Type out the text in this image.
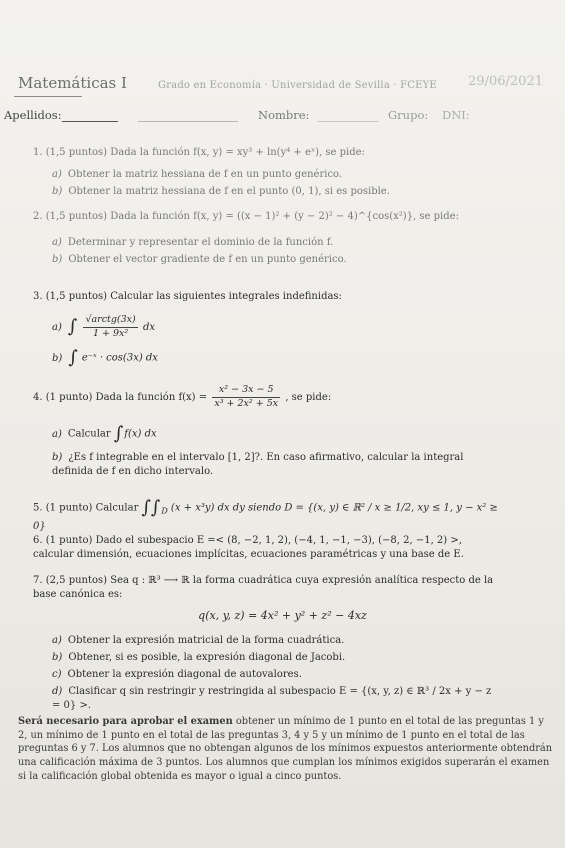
Matemáticas I	Grado en Economía · Universidad de Sevilla · FCEYE 29/06/2021
Apellidos:	Nombre:	Grupo: DNI:
1. (1,5 puntos) Dada la función f(x, y) = xy³ + ln(y⁴ + eˣ), se pide:
a) Obtener la matriz hessiana de f en un punto genérico.
b) Obtener la matriz hessiana de f en el punto (0, 1), si es posible.
2. (1,5 puntos) Dada la función f(x, y) = ((x − 1)² + (y − 2)² − 4)^{cos(x²)}, se pide:
a) Determinar y representar el dominio de la función f.
b) Obtener el vector gradiente de f en un punto genérico.
3. (1,5 puntos) Calcular las siguientes integrales indefinidas:
a) ∫ $\frac{\text{√arctg(3x)}}{\text{1 + 9x²}}$ dx
b) ∫ e⁻ˣ · cos(3x) dx
4. (1 punto) Dada la función $f(x) = \frac{\text{x² − 3x − 5}}{\text{x³ + 2x² + 5x}}$ , se pide:
a) Calcular ∫f(x) dx
b) ¿Es f integrable en el intervalo [1, 2]?. En caso afirmativo, calcular la integral definida de f en dicho intervalo.
5. (1 punto) Calcular $\int\int_D$ (x + x³y) dx dy siendo D = {(x, y) ∈ ℝ² / x ≥ 1/2, xy ≤ 1, y − x² ≥ 0}
6. (1 punto) Dado el subespacio E =< (8, −2, 1, 2), (−4, 1, −1, −3), (−8, 2, −1, 2) >, calcular dimensión, ecuaciones implícitas, ecuaciones paramétricas y una base de E.
7. (2,5 puntos) Sea q : ℝ³ ⟶ ℝ la forma cuadrática cuya expresión analítica respecto de la base canónica es:
q(x, y, z) = 4x² + y² + z² − 4xz
a) Obtener la expresión matricial de la forma cuadrática.
b) Obtener, si es posible, la expresión diagonal de Jacobi.
c) Obtener la expresión diagonal de autovalores.
d) Clasificar q sin restringir y restringida al subespacio E = {(x, y, z) ∈ ℝ³ / 2x + y − z = 0} >.
Será necesario para aprobar el examen obtener un mínimo de 1 punto en el total de las preguntas 1 y 2, un mínimo de 1 punto en el total de las preguntas 3, 4 y 5 y un mínimo de 1 punto en el total de las preguntas 6 y 7. Los alumnos que no obtengan algunos de los mínimos expuestos anteriormente obtendrán una calificación máxima de 3 puntos. Los alumnos que cumplan los mínimos exigidos superarán el examen si la calificación global obtenida es mayor o igual a cinco puntos.
